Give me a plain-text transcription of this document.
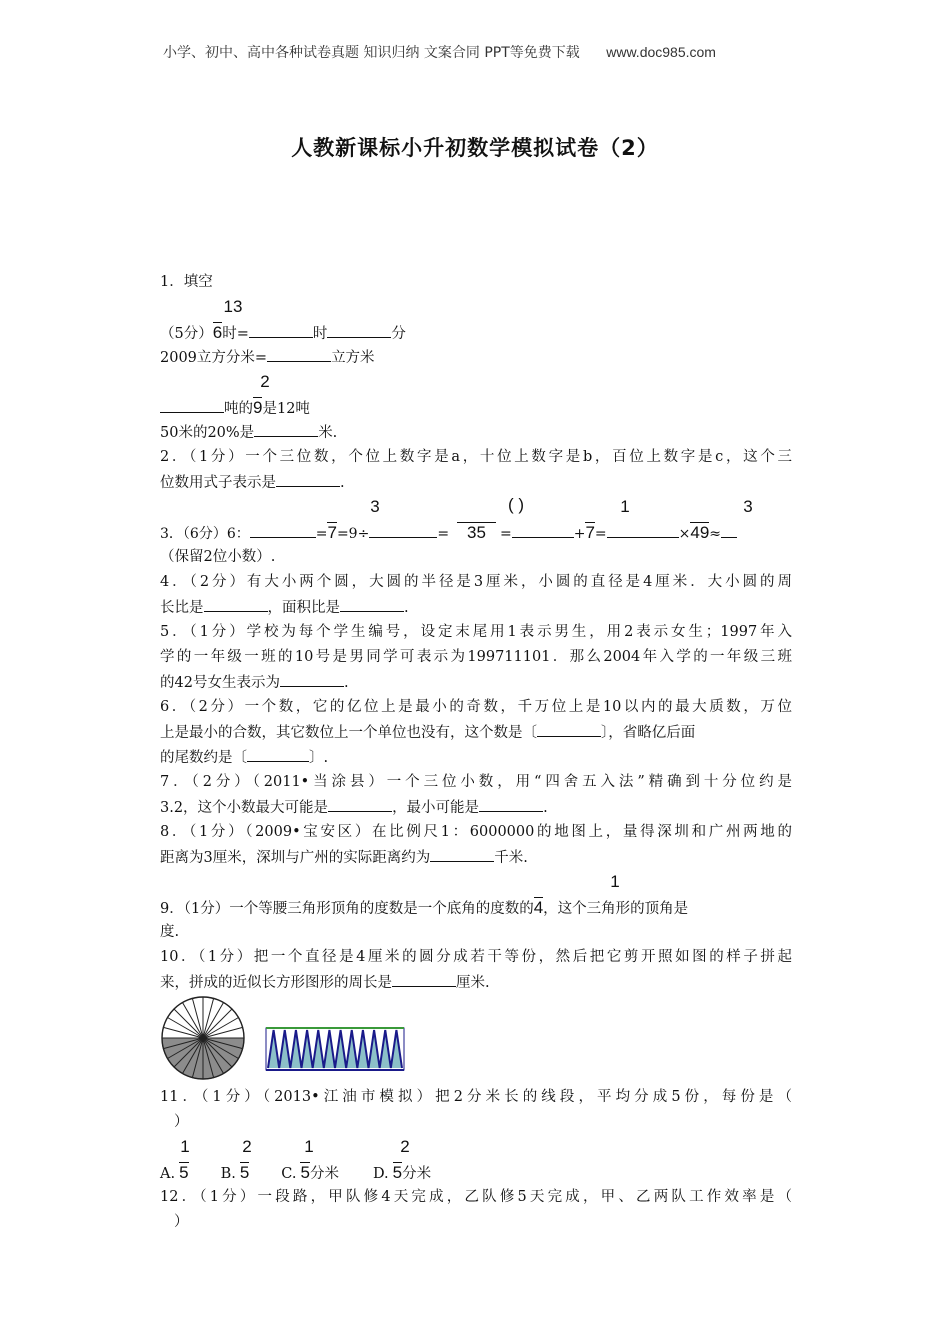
小学、初中、高中各种试卷真题 知识归纳 文案合同 PPT等免费下载 www.doc985.com
人教新课标小升初数学模拟试卷（2）
1．填空
13
（5分）6时=	时	分
2009立方分米=	立方米
2
吨的9是12吨
50米的20%是	米.
2．（1分）一个三位数，个位上数字是a，十位上数字是b，百位上数字是c，这个三
位数用式子表示是	.
3	( )	1	3
3．（6分）6：	=7=9÷	= 35 =	+7=	×49≈
（保留2位小数）.
4．（2分）有大小两个圆，大圆的半径是3厘米，小圆的直径是4厘米．大小圆的周
长比是	，面积比是	.
5．（1分）学校为每个学生编号，设定末尾用1表示男生，用2表示女生；1997年入
学的一年级一班的10号是男同学可表示为199711101．那么2004年入学的一年级三班
的42号女生表示为	.
6．（2分）一个数，它的亿位上是最小的奇数，千万位上是10以内的最大质数，万位
上是最小的合数，其它数位上一个单位也没有，这个数是〔	〕，省略亿后面
的尾数约是〔	〕.
7．（2分）（2011•当涂县）一个三位小数，用“四舍五入法”精确到十分位约是
3.2，这个小数最大可能是	，最小可能是	.
8．（1分）（2009•宝安区）在比例尺1：6000000的地图上，量得深圳和广州两地的
距离为3厘米，深圳与广州的实际距离约为	千米.
1
9．（1分）一个等腰三角形顶角的度数是一个底角的度数的4，这个三角形的顶角是
度.
10．（1分）把一个直径是4厘米的圆分成若干等份，然后把它剪开照如图的样子拼起
来，拼成的近似长方形图形的周长是	厘米.
11．（1分）（2013•江油市模拟）把2分米长的线段，平均分成5份，每份是（
）
1	2	1	2
A. 5 B. 5 C. 5分米 D. 5分米
12．（1分）一段路，甲队修4天完成，乙队修5天完成，甲、乙两队工作效率是（
）
